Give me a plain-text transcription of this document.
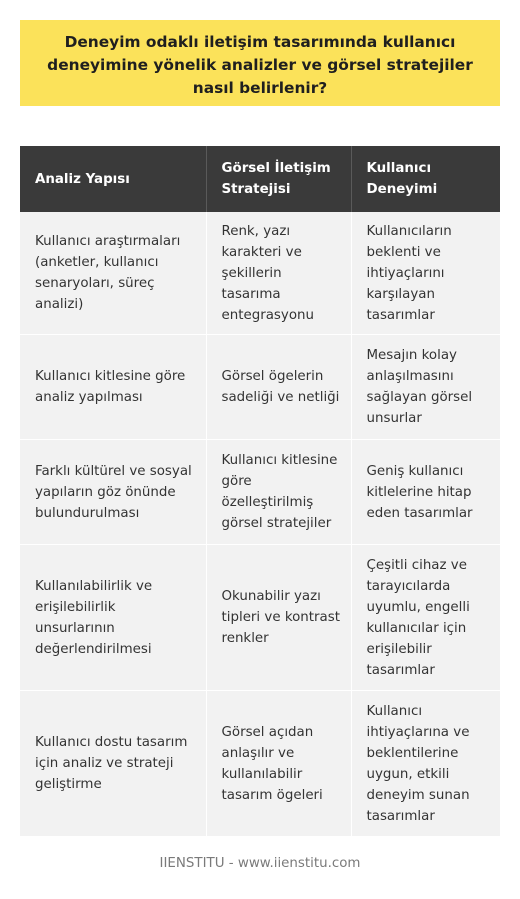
Deneyim odaklı iletişim tasarımında kullanıcı deneyimine yönelik analizler ve görsel stratejiler nasıl belirlenir?
Analiz Yapısı	Görsel İletişim Stratejisi	Kullanıcı Deneyimi
Kullanıcı araştırmaları (anketler, kullanıcı senaryoları, süreç analizi)	Renk, yazı karakteri ve şekillerin tasarıma entegrasyonu	Kullanıcıların beklenti ve ihtiyaçlarını karşılayan tasarımlar
Kullanıcı kitlesine göre analiz yapılması	Görsel ögelerin sadeliği ve netliği	Mesajın kolay anlaşılmasını sağlayan görsel unsurlar
Farklı kültürel ve sosyal yapıların göz önünde bulundurulması	Kullanıcı kitlesine göre özelleştirilmiş görsel stratejiler	Geniş kullanıcı kitlelerine hitap eden tasarımlar
Kullanılabilirlik ve erişilebilirlik unsurlarının değerlendirilmesi	Okunabilir yazı tipleri ve kontrast renkler	Çeşitli cihaz ve tarayıcılarda uyumlu, engelli kullanıcılar için erişilebilir tasarımlar
Kullanıcı dostu tasarım için analiz ve strateji geliştirme	Görsel açıdan anlaşılır ve kullanılabilir tasarım ögeleri	Kullanıcı ihtiyaçlarına ve beklentilerine uygun, etkili deneyim sunan tasarımlar
IIENSTITU - www.iienstitu.com
